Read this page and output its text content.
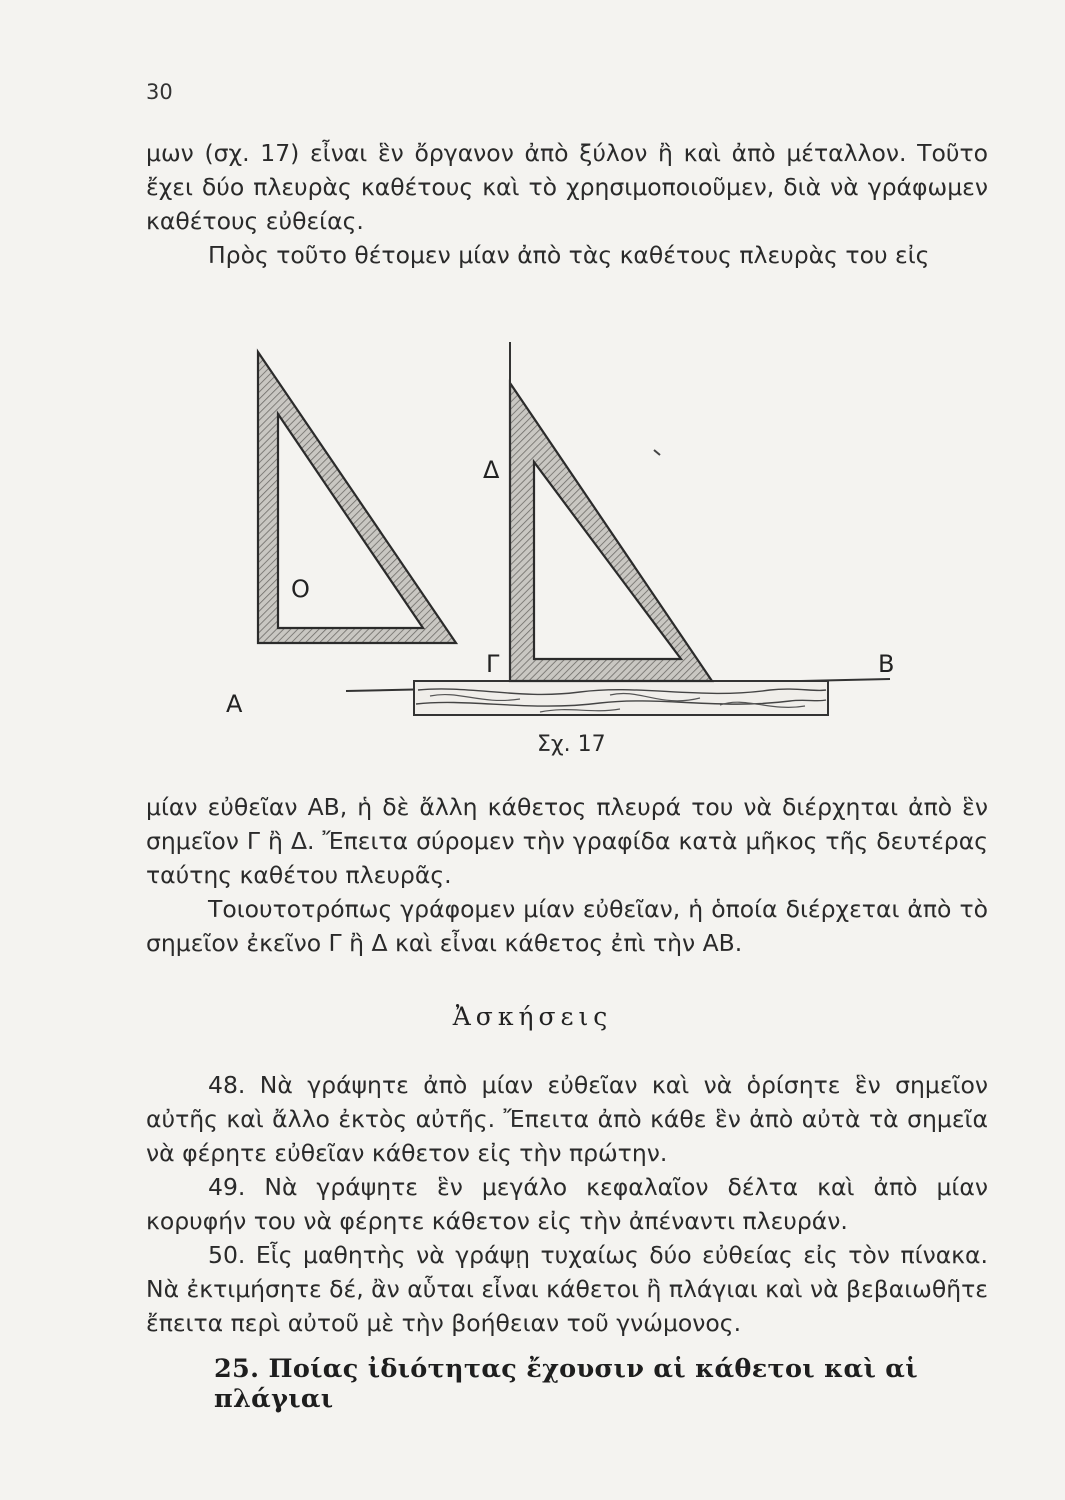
30

μων (σχ. 17) εἶναι ἓν ὄργανον ἀπὸ ξύλον ἢ καὶ ἀπὸ μέταλλον. Τοῦτο ἔχει δύο πλευρὰς καθέτους καὶ τὸ χρησιμοποιοῦμεν, διὰ νὰ γράφωμεν καθέτους εὐθείας.

Πρὸς τοῦτο θέτομεν μίαν ἀπὸ τὰς καθέτους πλευρὰς του εἰς

Δ
Ο
Γ	Β
Α
Σχ. 17

μίαν εὐθεῖαν ΑΒ, ἡ δὲ ἄλλη κάθετος πλευρά του νὰ διέρχηται ἀπὸ ἓν σημεῖον Γ ἢ Δ. Ἔπειτα σύρομεν τὴν γραφίδα κατὰ μῆκος τῆς δευτέρας ταύτης καθέτου πλευρᾶς.

Τοιουτοτρόπως γράφομεν μίαν εὐθεῖαν, ἡ ὁποία διέρχεται ἀπὸ τὸ σημεῖον ἐκεῖνο Γ ἢ Δ καὶ εἶναι κάθετος ἐπὶ τὴν ΑΒ.

Ἀσκήσεις

48. Νὰ γράψητε ἀπὸ μίαν εὐθεῖαν καὶ νὰ ὁρίσητε ἓν σημεῖον αὐτῆς καὶ ἄλλο ἐκτὸς αὐτῆς. Ἔπειτα ἀπὸ κάθε ἓν ἀπὸ αὐτὰ τὰ σημεῖα νὰ φέρητε εὐθεῖαν κάθετον εἰς τὴν πρώτην.

49. Νὰ γράψητε ἓν μεγάλο κεφαλαῖον δέλτα καὶ ἀπὸ μίαν κορυφήν του νὰ φέρητε κάθετον εἰς τὴν ἀπέναντι πλευράν.

50. Εἷς μαθητὴς νὰ γράψῃ τυχαίως δύο εὐθείας εἰς τὸν πίνακα. Νὰ ἐκτιμήσητε δέ, ἂν αὗται εἶναι κάθετοι ἢ πλάγιαι καὶ νὰ βεβαιωθῆτε ἔπειτα περὶ αὐτοῦ μὲ τὴν βοήθειαν τοῦ γνώμονος.

25. Ποίας ἰδιότητας ἔχουσιν αἱ κάθετοι καὶ αἱ πλάγιαι
